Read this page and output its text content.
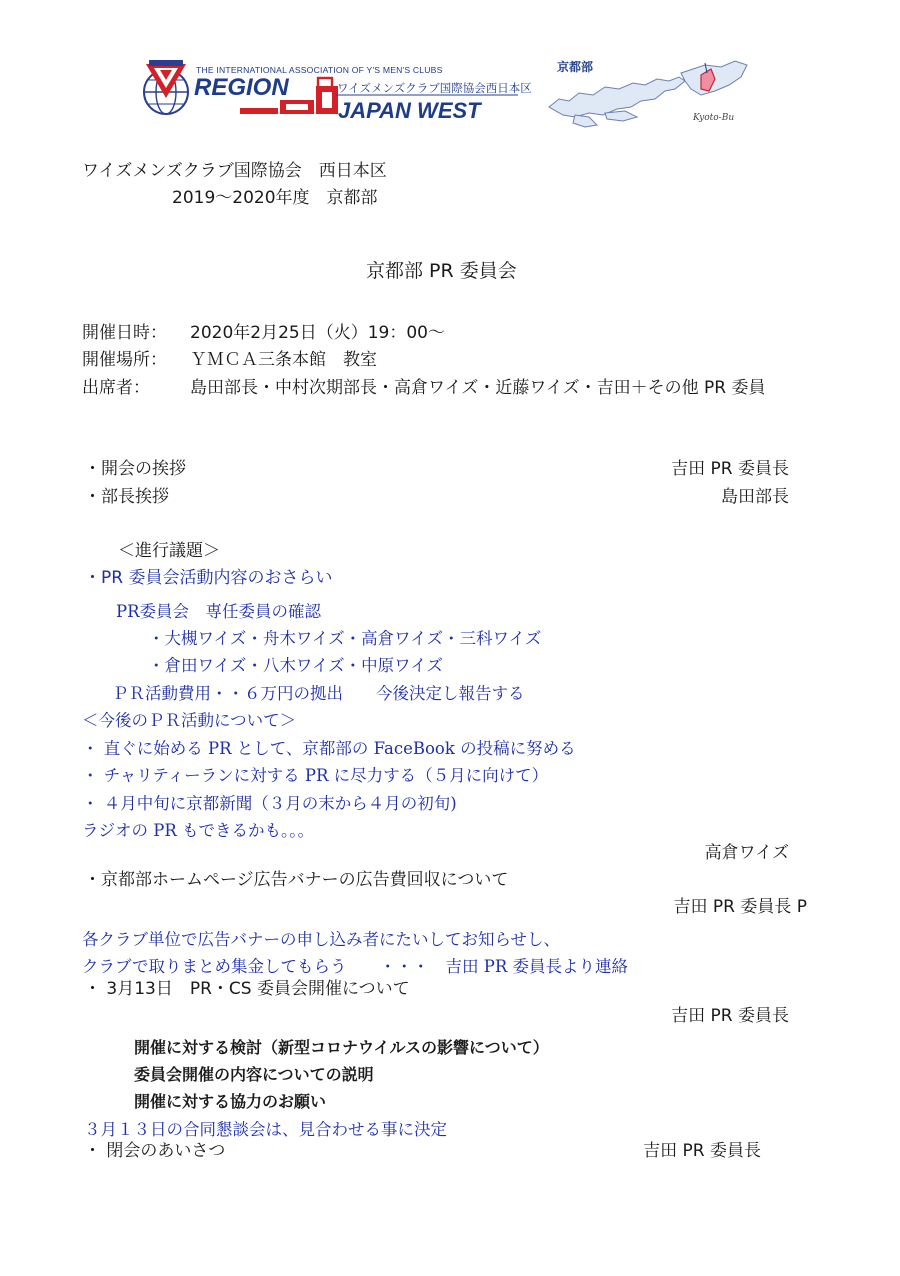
THE INTERNATIONAL ASSOCIATION OF Y'S MEN'S CLUBS
REGION	ワイズメンズクラブ国際協会西日本区
JAPAN WEST
京都部
Kyoto-Bu
ワイズメンズクラブ国際協会　西日本区
2019～2020年度　京都部
京都部 PR 委員会
開催日時： 2020年2月25日（火）19：00～
開催場所： ＹＭＣＡ三条本館　教室
出席者： 島田部長・中村次期部長・高倉ワイズ・近藤ワイズ・吉田＋その他 PR 委員
・開会の挨拶	吉田 PR 委員長
・部長挨拶	島田部長
＜進行議題＞
・PR 委員会活動内容のおさらい
PR委員会　専任委員の確認
・大槻ワイズ・舟木ワイズ・高倉ワイズ・三科ワイズ
・倉田ワイズ・八木ワイズ・中原ワイズ
ＰＲ活動費用・・６万円の拠出　　今後決定し報告する
＜今後のＰＲ活動について＞
・ 直ぐに始める PR として、京都部の FaceBook の投稿に努める
・ チャリティーランに対する PR に尽力する（５月に向けて）
・ ４月中旬に京都新聞（３月の末から４月の初旬)
ラジオの PR もできるかも。。。
高倉ワイズ
・京都部ホームページ広告バナーの広告費回収について
吉田 PR 委員長 P
各クラブ単位で広告バナーの申し込み者にたいしてお知らせし、
クラブで取りまとめ集金してもらう　　・・・　吉田 PR 委員長より連絡
・ 3月13日　PR・CS 委員会開催について
吉田 PR 委員長
開催に対する検討（新型コロナウイルスの影響について）
委員会開催の内容についての説明
開催に対する協力のお願い
３月１３日の合同懇談会は、見合わせる事に決定
・ 閉会のあいさつ	吉田 PR 委員長
